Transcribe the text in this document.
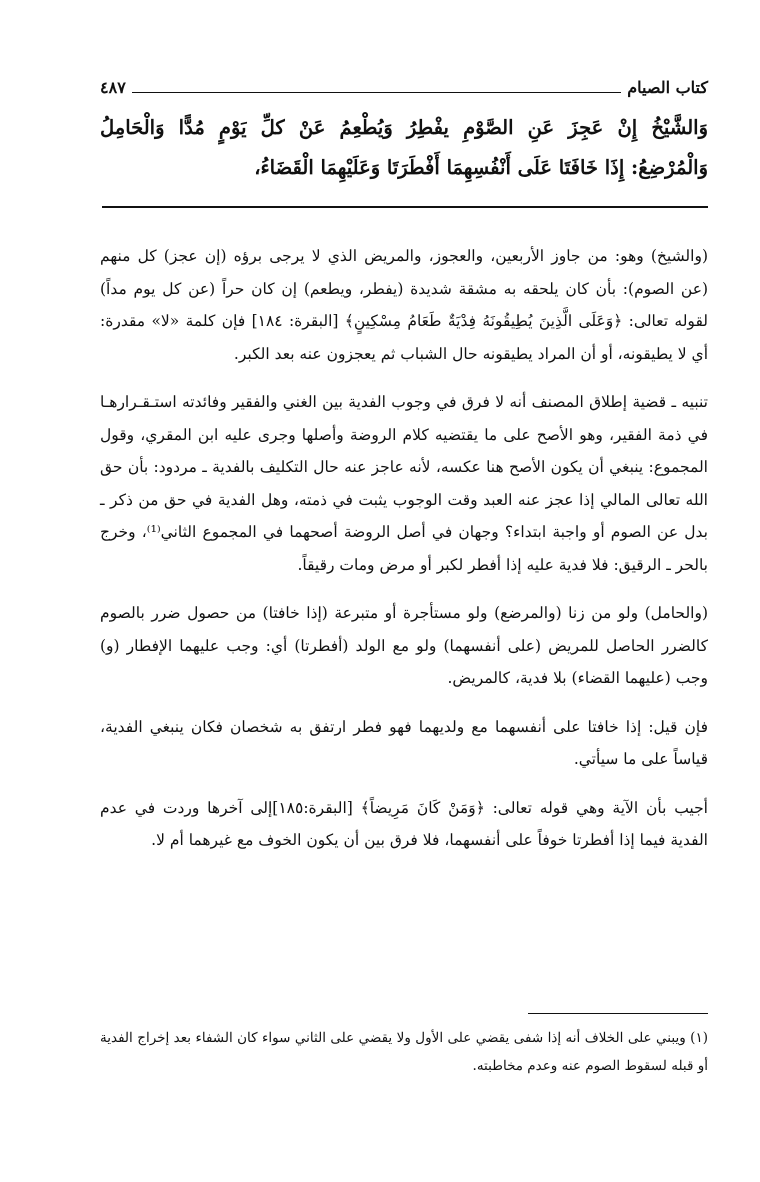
كتاب الصيام
٤٨٧

وَالشَّيْخُ إِنْ عَجِزَ عَنِ الصَّوْمِ يفْطِرُ وَيُطْعِمُ عَنْ كلِّ يَوْمٍ مُدًّا وَالْحَامِلُ وَالْمُرْضِعُ: إِذَا خَافَتَا عَلَى أَنْفُسِهِمَا أَفْطَرَتَا وَعَلَيْهِمَا الْقَضَاءُ،

(والشيخ) وهو: من جاوز الأربعين، والعجوز، والمريض الذي لا يرجى برؤه (إن عجز) كل منهم (عن الصوم): بأن كان يلحقه به مشقة شديدة (يفطر، ويطعم) إن كان حراً (عن كل يوم مداً) لقوله تعالى: ﴿وَعَلَى الَّذِينَ يُطِيقُونَهُ فِدْيَةٌ طَعَامُ مِسْكِينٍ﴾ [البقرة: ١٨٤] فإن كلمة «لا» مقدرة: أي لا يطيقونه، أو أن المراد يطيقونه حال الشباب ثم يعجزون عنه بعد الكبر.

تنبيه ـ قضية إطلاق المصنف أنه لا فرق في وجوب الفدية بين الغني والفقير وفائدته استـقـرارهـا في ذمة الفقير، وهو الأصح على ما يقتضيه كلام الروضة وأصلها وجرى عليه ابن المقري، وقول المجموع: ينبغي أن يكون الأصح هنا عكسه، لأنه عاجز عنه حال التكليف بالفدية ـ مردود: بأن حق الله تعالى المالي إذا عجز عنه العبد وقت الوجوب يثبت في ذمته، وهل الفدية في حق من ذكر ـ بدل عن الصوم أو واجبة ابتداء؟ وجهان في أصل الروضة أصحهما في المجموع الثاني⁽¹⁾، وخرج بالحر ـ الرقيق: فلا فدية عليه إذا أفطر لكبر أو مرض ومات رقيقاً.

(والحامل) ولو من زنا (والمرضع) ولو مستأجرة أو متبرعة (إذا خافتا) من حصول ضرر بالصوم كالضرر الحاصل للمريض (على أنفسهما) ولو مع الولد (أفطرتا) أي: وجب عليهما الإفطار (و) وجب (عليهما القضاء) بلا فدية، كالمريض.

فإن قيل: إذا خافتا على أنفسهما مع ولديهما فهو فطر ارتفق به شخصان فكان ينبغي الفدية، قياساً على ما سيأتي.

أجيب بأن الآية وهي قوله تعالى: ﴿وَمَنْ كَانَ مَرِيضاً﴾ [البقرة:١٨٥]إلى آخرها وردت في عدم الفدية فيما إذا أفطرتا خوفاً على أنفسهما، فلا فرق بين أن يكون الخوف مع غيرهما أم لا.

(١) ويبني على الخلاف أنه إذا شفى يقضي على الأول ولا يقضي على الثاني سواء كان الشفاء بعد إخراج الفدية أو قبله لسقوط الصوم عنه وعدم مخاطبته.
